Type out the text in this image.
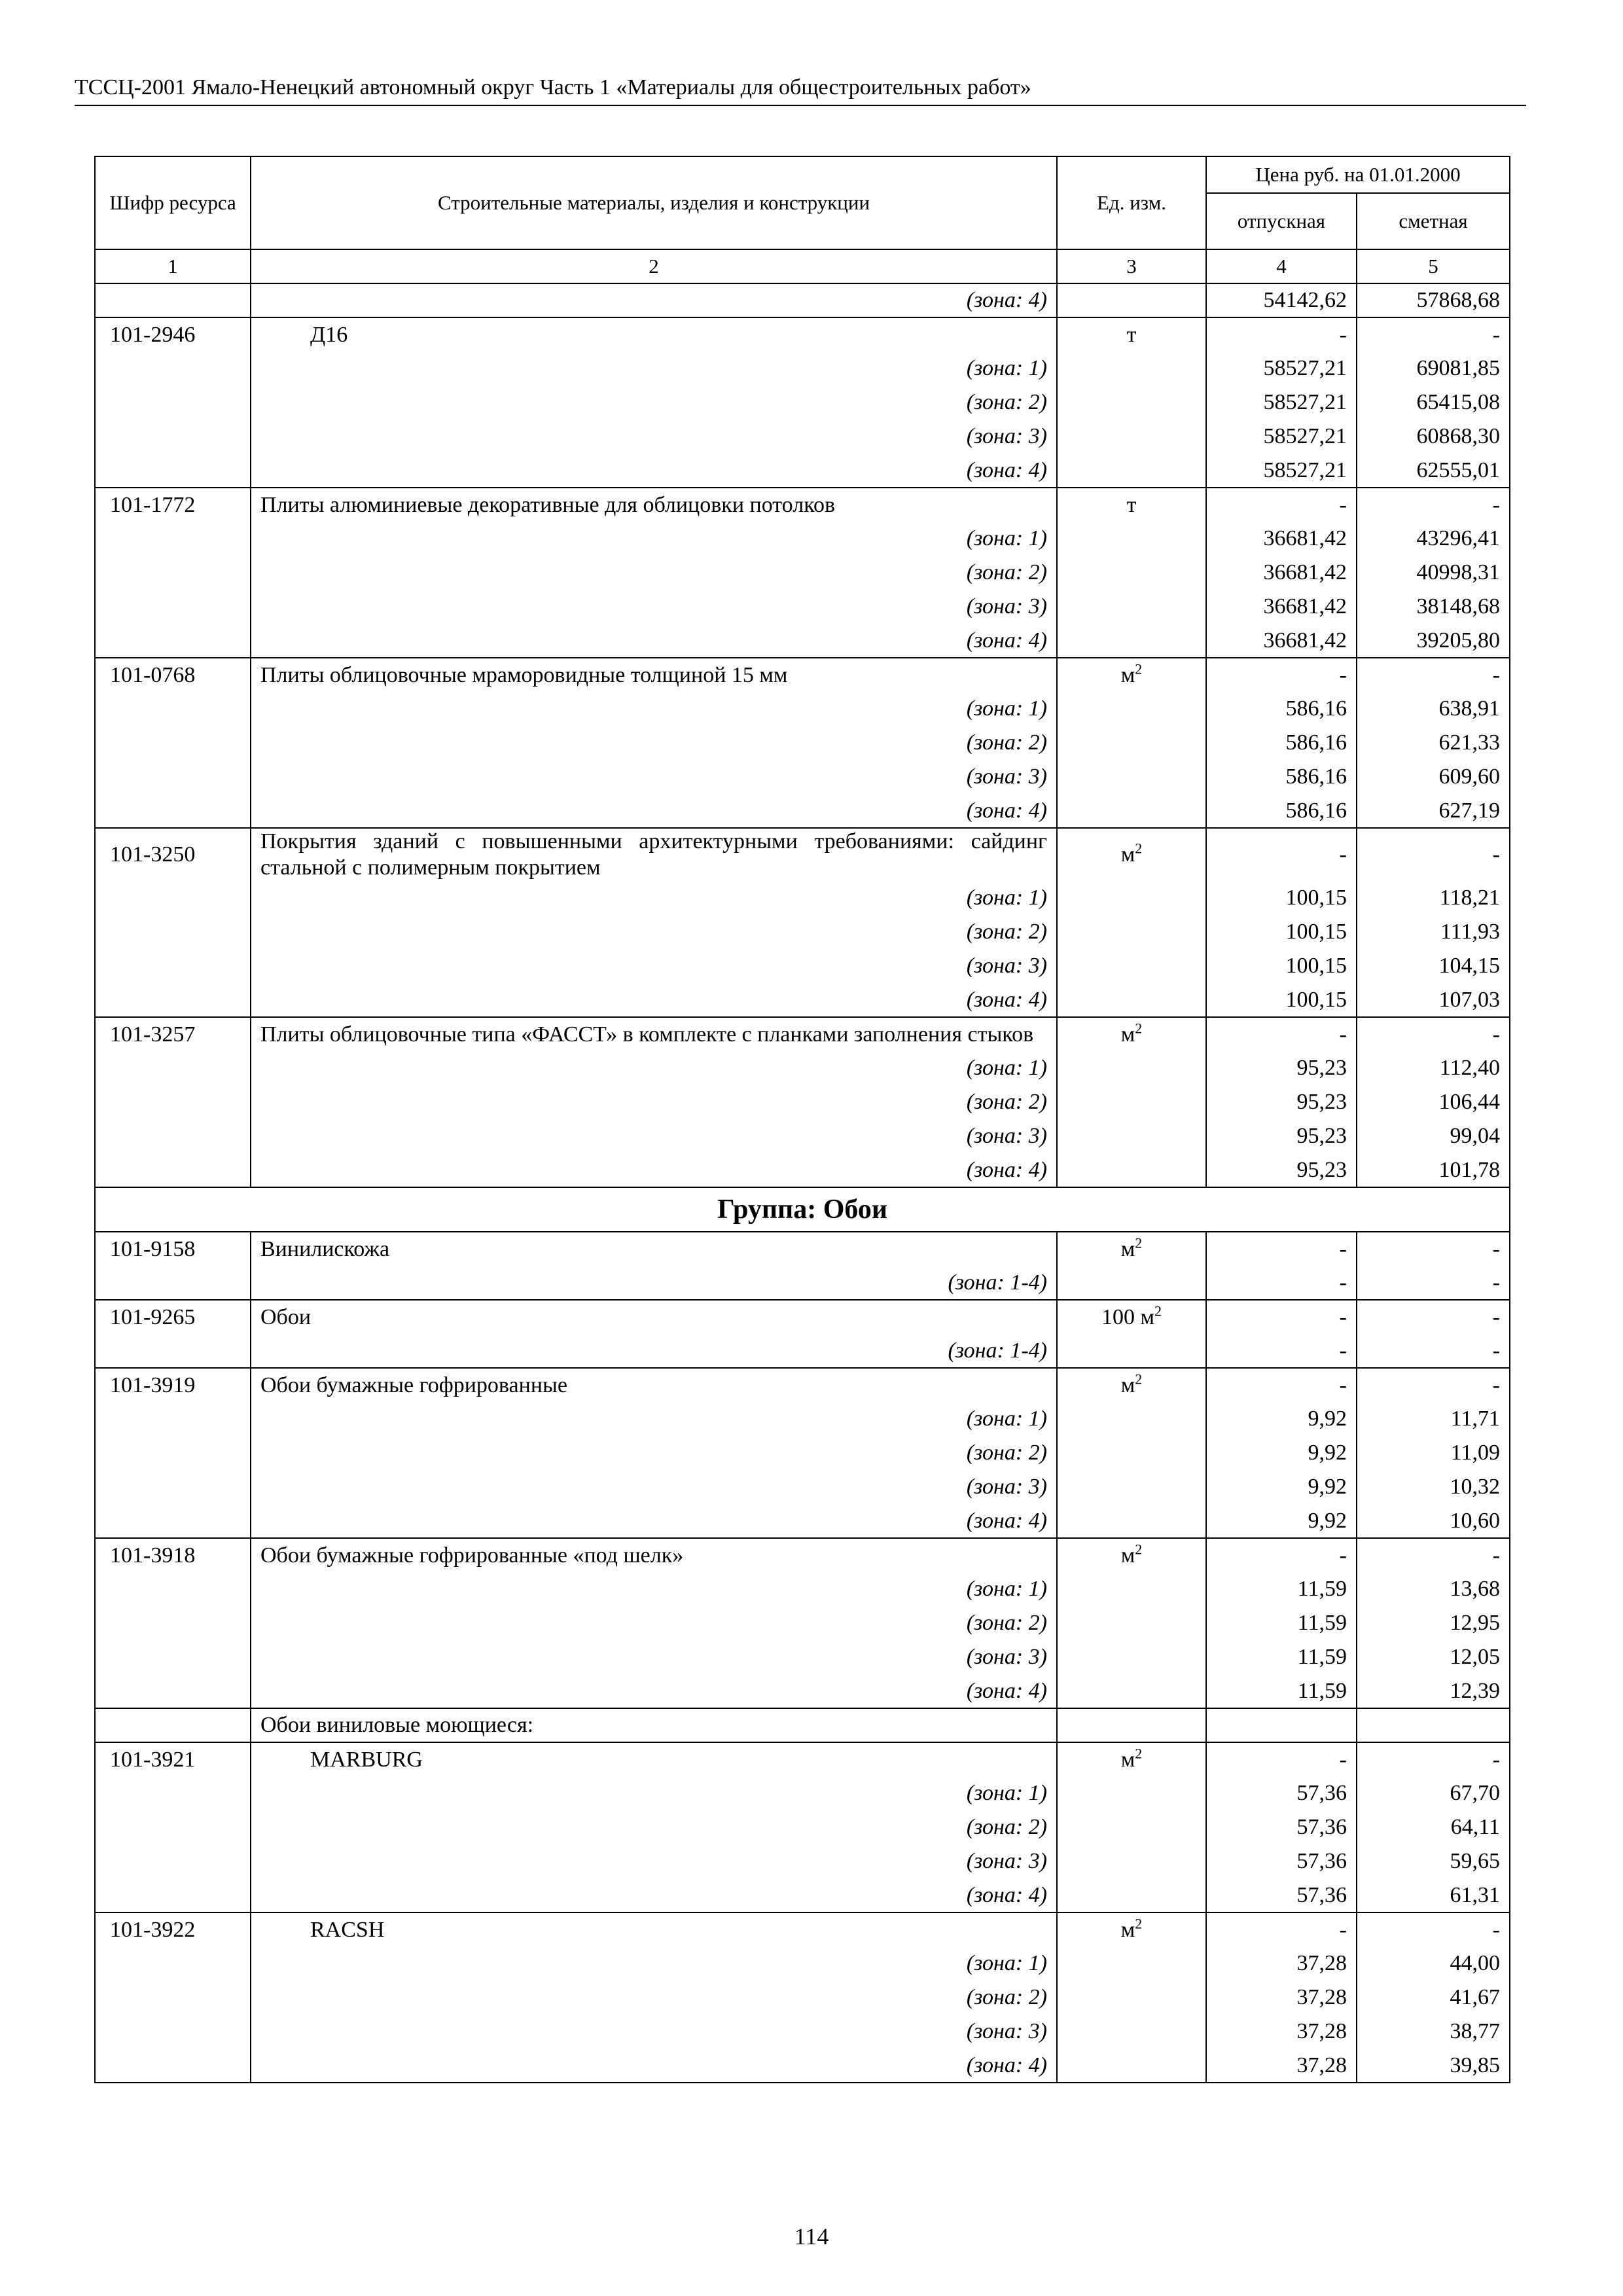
ТССЦ-2001 Ямало-Ненецкий автономный округ Часть 1 «Материалы для общестроительных работ»
Шифр ресурса	Строительные материалы, изделия и конструкции	Ед. изм.	Цена руб. на 01.01.2000	
			отпускная	сметная
1	2	3	4	5
	(зона: 4)		54142,62	57868,68
101-2946	Д16	т	-	-
	(зона: 1)		58527,21	69081,85
	(зона: 2)		58527,21	65415,08
	(зона: 3)		58527,21	60868,30
	(зона: 4)		58527,21	62555,01
101-1772	Плиты алюминиевые декоративные для облицовки потолков	т	-	-
	(зона: 1)		36681,42	43296,41
	(зона: 2)		36681,42	40998,31
	(зона: 3)		36681,42	38148,68
	(зона: 4)		36681,42	39205,80
101-0768	Плиты облицовочные мраморовидные толщиной 15 мм	$м^2$	-	-
	(зона: 1)		586,16	638,91
	(зона: 2)		586,16	621,33
	(зона: 3)		586,16	609,60
	(зона: 4)		586,16	627,19
101-3250	Покрытия зданий с повышенными архитектурными требованиями: сайдинг стальной с полимерным покрытием	$м^2$	-	-
	(зона: 1)		100,15	118,21
	(зона: 2)		100,15	111,93
	(зона: 3)		100,15	104,15
	(зона: 4)		100,15	107,03
101-3257	Плиты облицовочные типа «ФАССТ» в комплекте с планками заполнения стыков	$м^2$	-	-
	(зона: 1)		95,23	112,40
	(зона: 2)		95,23	106,44
	(зона: 3)		95,23	99,04
	(зона: 4)		95,23	101,78
Группа: Обои				
101-9158	Винилискожа	$м^2$	-	-
	(зона: 1-4)		-	-
101-9265	Обои	100 $м^2$	-	-
	(зона: 1-4)		-	-
101-3919	Обои бумажные гофрированные	$м^2$	-	-
	(зона: 1)		9,92	11,71
	(зона: 2)		9,92	11,09
	(зона: 3)		9,92	10,32
	(зона: 4)		9,92	10,60
101-3918	Обои бумажные гофрированные «под шелк»	$м^2$	-	-
	(зона: 1)		11,59	13,68
	(зона: 2)		11,59	12,95
	(зона: 3)		11,59	12,05
	(зона: 4)		11,59	12,39
	Обои виниловые моющиеся:			
101-3921	MARBURG	$м^2$	-	-
	(зона: 1)		57,36	67,70
	(зона: 2)		57,36	64,11
	(зона: 3)		57,36	59,65
	(зона: 4)		57,36	61,31
101-3922	RACSH	$м^2$	-	-
	(зона: 1)		37,28	44,00
	(зона: 2)		37,28	41,67
	(зона: 3)		37,28	38,77
	(зона: 4)		37,28	39,85
114
